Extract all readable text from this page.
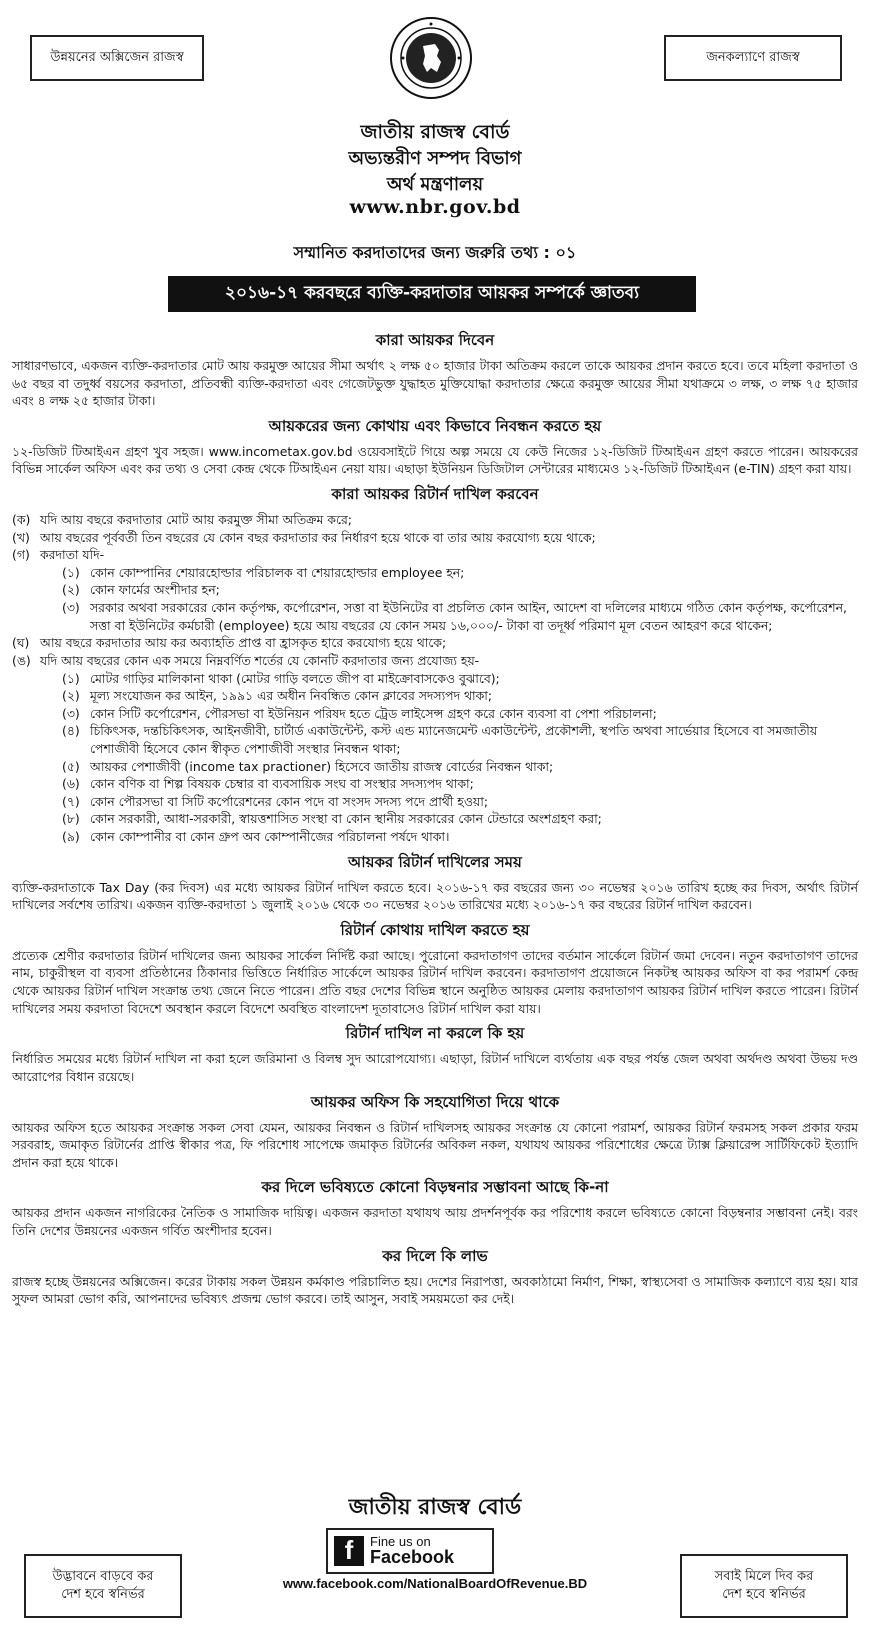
উন্নয়নের অক্সিজেন রাজস্ব	জনকল্যাণে রাজস্ব
জাতীয় রাজস্ব বোর্ড
অভ্যন্তরীণ সম্পদ বিভাগ
অর্থ মন্ত্রণালয়
www.nbr.gov.bd
সম্মানিত করদাতাদের জন্য জরুরি তথ্য : ০১
২০১৬-১৭ করবছরে ব্যক্তি-করদাতার আয়কর সম্পর্কে জ্ঞাতব্য
কারা আয়কর দিবেন

সাধারণভাবে, একজন ব্যক্তি-করদাতার মোট আয় করমুক্ত আয়ের সীমা অর্থাৎ ২ লক্ষ ৫০ হাজার টাকা অতিক্রম করলে তাকে আয়কর প্রদান করতে হবে। তবে মহিলা করদাতা ও ৬৫ বছর বা তদুর্ধ্ব বয়সের করদাতা, প্রতিবন্ধী ব্যক্তি-করদাতা এবং গেজেটভুক্ত যুদ্ধাহত মুক্তিযোদ্ধা করদাতার ক্ষেত্রে করমুক্ত আয়ের সীমা যথাক্রমে ৩ লক্ষ, ৩ লক্ষ ৭৫ হাজার এবং ৪ লক্ষ ২৫ হাজার টাকা।

আয়করের জন্য কোথায় এবং কিভাবে নিবন্ধন করতে হয়

১২-ডিজিট টিআইএন গ্রহণ খুব সহজ। www.incometax.gov.bd ওয়েবসাইটে গিয়ে অল্প সময়ে যে কেউ নিজের ১২-ডিজিট টিআইএন গ্রহণ করতে পারেন। আয়করের বিভিন্ন সার্কেল অফিস এবং কর তথ্য ও সেবা কেন্দ্র থেকে টিআইএন নেয়া যায়। এছাড়া ইউনিয়ন ডিজিটাল সেন্টারের মাধ্যমেও ১২-ডিজিট টিআইএন (e-TIN) গ্রহণ করা যায়।

কারা আয়কর রিটার্ন দাখিল করবেন
(ক) যদি আয় বছরে করদাতার মোট আয় করমুক্ত সীমা অতিক্রম করে;
(খ) আয় বছরের পূর্ববর্তী তিন বছরের যে কোন বছর করদাতার কর নির্ধারণ হয়ে থাকে বা তার আয় করযোগ্য হয়ে থাকে;
(গ) করদাতা যদি-
(১) কোন কোম্পানির শেয়ারহোল্ডার পরিচালক বা শেয়ারহোল্ডার employee হন;
(২) কোন ফার্মের অংশীদার হন;
(৩) সরকার অথবা সরকারের কোন কর্তৃপক্ষ, কর্পোরেশন, সত্তা বা ইউনিটের বা প্রচলিত কোন আইন, আদেশ বা দলিলের মাধ্যমে গঠিত কোন কর্তৃপক্ষ, কর্পোরেশন, সত্তা বা ইউনিটের কর্মচারী (employee) হয়ে আয় বছরের যে কোন সময় ১৬,০০০/- টাকা বা তদূর্ধ্ব পরিমাণ মূল বেতন আহরণ করে থাকেন;
(ঘ) আয় বছরে করদাতার আয় কর অব্যাহতি প্রাপ্ত বা হ্রাসকৃত হারে করযোগ্য হয়ে থাকে;
(ঙ) যদি আয় বছরের কোন এক সময়ে নিম্নবর্ণিত শর্তের যে কোনটি করদাতার জন্য প্রযোজ্য হয়-
(১) মোটর গাড়ির মালিকানা থাকা (মোটর গাড়ি বলতে জীপ বা মাইক্রোবাসকেও বুঝাবে);
(২) মূল্য সংযোজন কর আইন, ১৯৯১ এর অধীন নিবন্ধিত কোন ক্লাবের সদস্যপদ থাকা;
(৩) কোন সিটি কর্পোরেশন, পৌরসভা বা ইউনিয়ন পরিষদ হতে ট্রেড লাইসেন্স গ্রহণ করে কোন ব্যবসা বা পেশা পরিচালনা;
(৪) চিকিৎসক, দন্তচিকিৎসক, আইনজীবী, চার্টার্ড একাউন্টেন্ট, কস্ট এন্ড ম্যানেজমেন্ট একাউন্টেন্ট, প্রকৌশলী, স্থপতি অথবা সার্ভেয়ার হিসেবে বা সমজাতীয় পেশাজীবী হিসেবে কোন স্বীকৃত পেশাজীবী সংস্থার নিবন্ধন থাকা;
(৫) আয়কর পেশাজীবী (income tax practioner) হিসেবে জাতীয় রাজস্ব বোর্ডের নিবন্ধন থাকা;
(৬) কোন বণিক বা শিল্প বিষয়ক চেম্বার বা ব্যবসায়িক সংঘ বা সংস্থার সদস্যপদ থাকা;
(৭) কোন পৌরসভা বা সিটি কর্পোরেশনের কোন পদে বা সংসদ সদস্য পদে প্রার্থী হওয়া;
(৮) কোন সরকারী, আধা-সরকারী, স্বায়ত্তশাসিত সংস্থা বা কোন স্থানীয় সরকারের কোন টেন্ডারে অংশগ্রহণ করা;
(৯) কোন কোম্পানীর বা কোন গ্রুপ অব কোম্পানীজের পরিচালনা পর্ষদে থাকা।
আয়কর রিটার্ন দাখিলের সময়

ব্যক্তি-করদাতাকে Tax Day (কর দিবস) এর মধ্যে আয়কর রিটার্ন দাখিল করতে হবে। ২০১৬-১৭ কর বছরের জন্য ৩০ নভেম্বর ২০১৬ তারিখ হচ্ছে কর দিবস, অর্থাৎ রিটার্ন দাখিলের সর্বশেষ তারিখ। একজন ব্যক্তি-করদাতা ১ জুলাই ২০১৬ থেকে ৩০ নভেম্বর ২০১৬ তারিখের মধ্যে ২০১৬-১৭ কর বছরের রিটার্ন দাখিল করবেন।

রিটার্ন কোথায় দাখিল করতে হয়

প্রত্যেক শ্রেণীর করদাতার রিটার্ন দাখিলের জন্য আয়কর সার্কেল নির্দিষ্ট করা আছে। পুরোনো করদাতাগণ তাদের বর্তমান সার্কেলে রিটার্ন জমা দেবেন। নতুন করদাতাগণ তাদের নাম, চাকুরীস্থল বা ব্যবসা প্রতিষ্ঠানের ঠিকানার ভিত্তিতে নির্ধারিত সার্কেলে আয়কর রিটার্ন দাখিল করবেন। করদাতাগণ প্রয়োজনে নিকটস্থ আয়কর অফিস বা কর পরামর্শ কেন্দ্র থেকে আয়কর রিটার্ন দাখিল সংক্রান্ত তথ্য জেনে নিতে পারেন। প্রতি বছর দেশের বিভিন্ন স্থানে অনুষ্ঠিত আয়কর মেলায় করদাতাগণ আয়কর রিটার্ন দাখিল করতে পারেন। রিটার্ন দাখিলের সময় করদাতা বিদেশে অবস্থান করলে বিদেশে অবস্থিত বাংলাদেশ দূতাবাসেও রিটার্ন দাখিল করা যায়।

রিটার্ন দাখিল না করলে কি হয়

নির্ধারিত সময়ের মধ্যে রিটার্ন দাখিল না করা হলে জরিমানা ও বিলম্ব সুদ আরোপযোগ্য। এছাড়া, রিটার্ন দাখিলে ব্যর্থতায় এক বছর পর্যন্ত জেল অথবা অর্থদণ্ড অথবা উভয় দণ্ড আরোপের বিধান রয়েছে।

আয়কর অফিস কি সহযোগিতা দিয়ে থাকে

আয়কর অফিস হতে আয়কর সংক্রান্ত সকল সেবা যেমন, আয়কর নিবন্ধন ও রিটার্ন দাখিলসহ আয়কর সংক্রান্ত যে কোনো পরামর্শ, আয়কর রিটার্ন ফরমসহ সকল প্রকার ফরম সরবরাহ, জমাকৃত রিটার্নের প্রাপ্তি স্বীকার পত্র, ফি পরিশোধ সাপেক্ষে জমাকৃত রিটার্নের অবিকল নকল, যথাযথ আয়কর পরিশোধের ক্ষেত্রে ট্যাক্স ক্লিয়ারেন্স সার্টিফিকেট ইত্যাদি প্রদান করা হয়ে থাকে।

কর দিলে ভবিষ্যতে কোনো বিড়ম্বনার সম্ভাবনা আছে কি-না

আয়কর প্রদান একজন নাগরিকের নৈতিক ও সামাজিক দায়িত্ব। একজন করদাতা যথাযথ আয় প্রদর্শনপূর্বক কর পরিশোধ করলে ভবিষ্যতে কোনো বিড়ম্বনার সম্ভাবনা নেই। বরং তিনি দেশের উন্নয়নের একজন গর্বিত অংশীদার হবেন।

কর দিলে কি লাভ

রাজস্ব হচ্ছে উন্নয়নের অক্সিজেন। করের টাকায় সকল উন্নয়ন কর্মকাণ্ড পরিচালিত হয়। দেশের নিরাপত্তা, অবকাঠামো নির্মাণ, শিক্ষা, স্বাস্থ্যসেবা ও সামাজিক কল্যাণে ব্যয় হয়। যার সুফল আমরা ভোগ করি, আপনাদের ভবিষ্যৎ প্রজন্ম ভোগ করবে। তাই আসুন, সবাই সময়মতো কর দেই।

জাতীয় রাজস্ব বোর্ড
উদ্ভাবনে বাড়বে কর
দেশ হবে স্বনির্ভর
f	Fine us on
Facebook
www.facebook.com/NationalBoardOfRevenue.BD	সবাই মিলে দিব কর
দেশ হবে স্বনির্ভর
